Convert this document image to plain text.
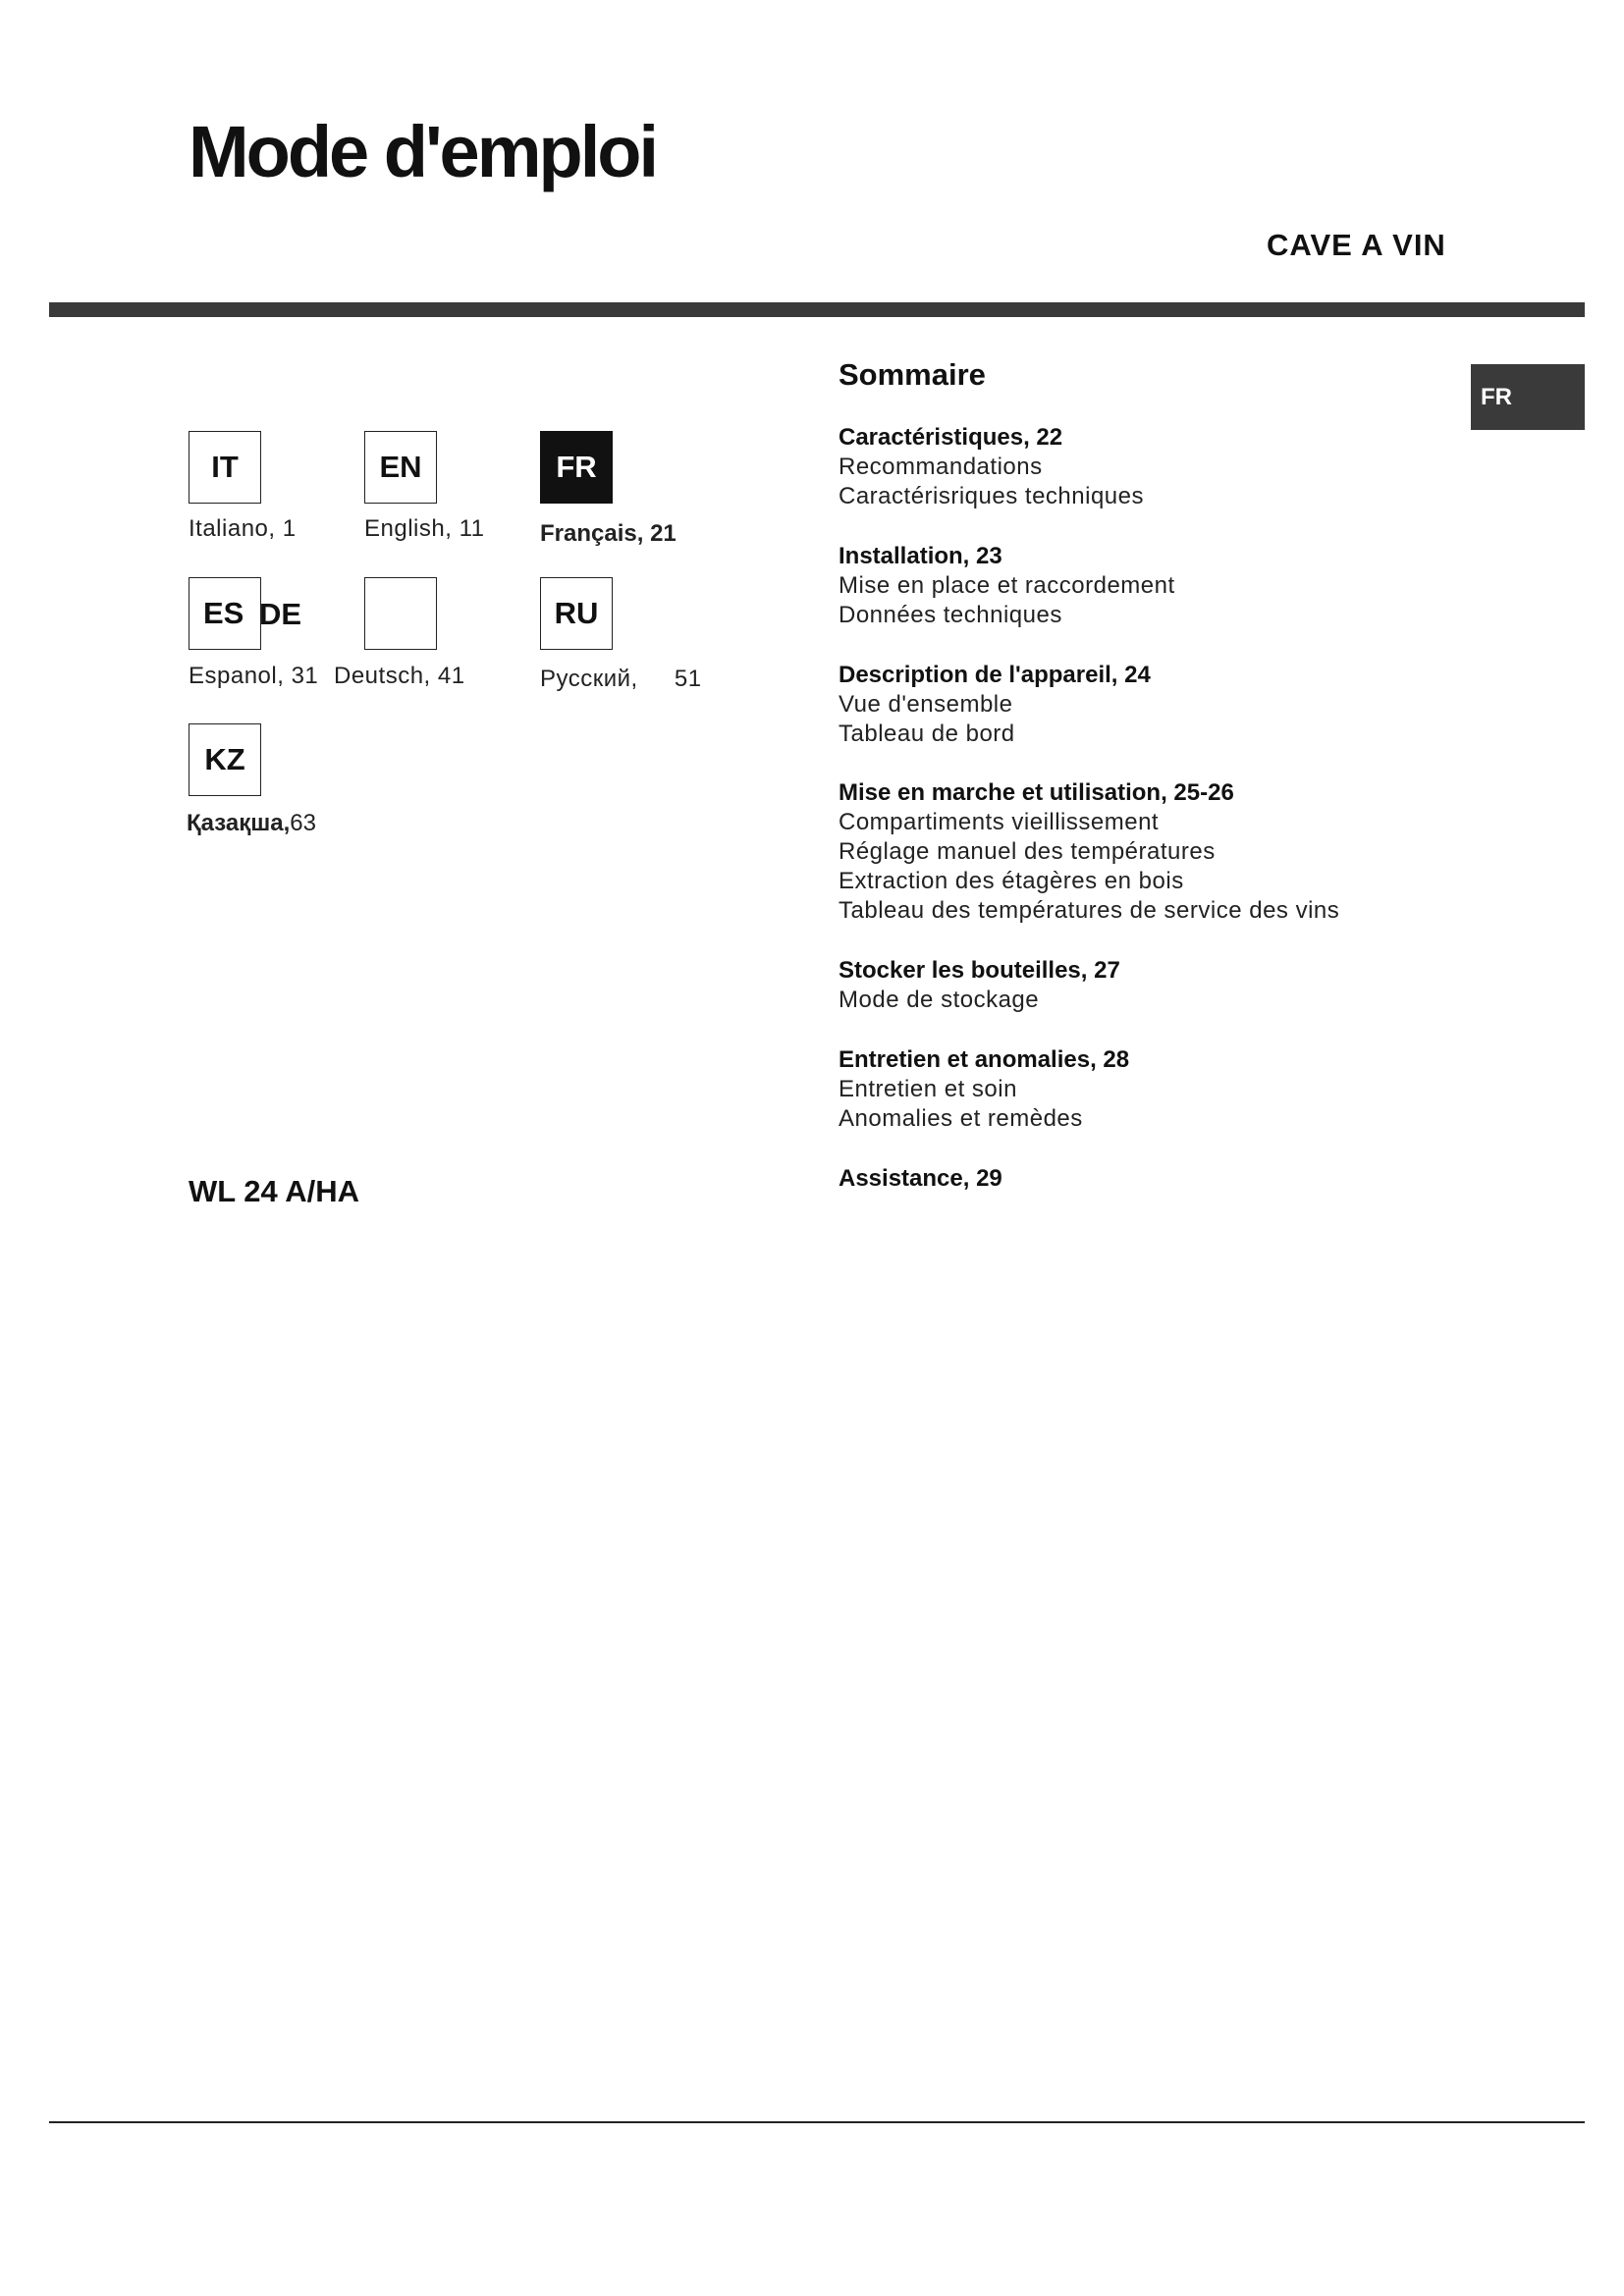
Mode d'emploi
CAVE A VIN
FR
IT
Italiano, 1
EN
English, 11
FR
Français, 21
ES
Espanol, 31
DE
Deutsch, 41
RU
Русский, 51
KZ
Қазақша,63
WL 24 A/HA
Sommaire
Caractéristiques, 22
Recommandations
Caractérisriques techniques
Installation, 23
Mise en place et raccordement
Données techniques
Description de l'appareil, 24
Vue d'ensemble
Tableau de bord
Mise en marche et utilisation, 25-26
Compartiments vieillissement
Réglage manuel des températures
Extraction des étagères en bois
Tableau des températures de service des vins
Stocker les bouteilles, 27
Mode de stockage
Entretien et anomalies, 28
Entretien et soin
Anomalies et remèdes
Assistance, 29
